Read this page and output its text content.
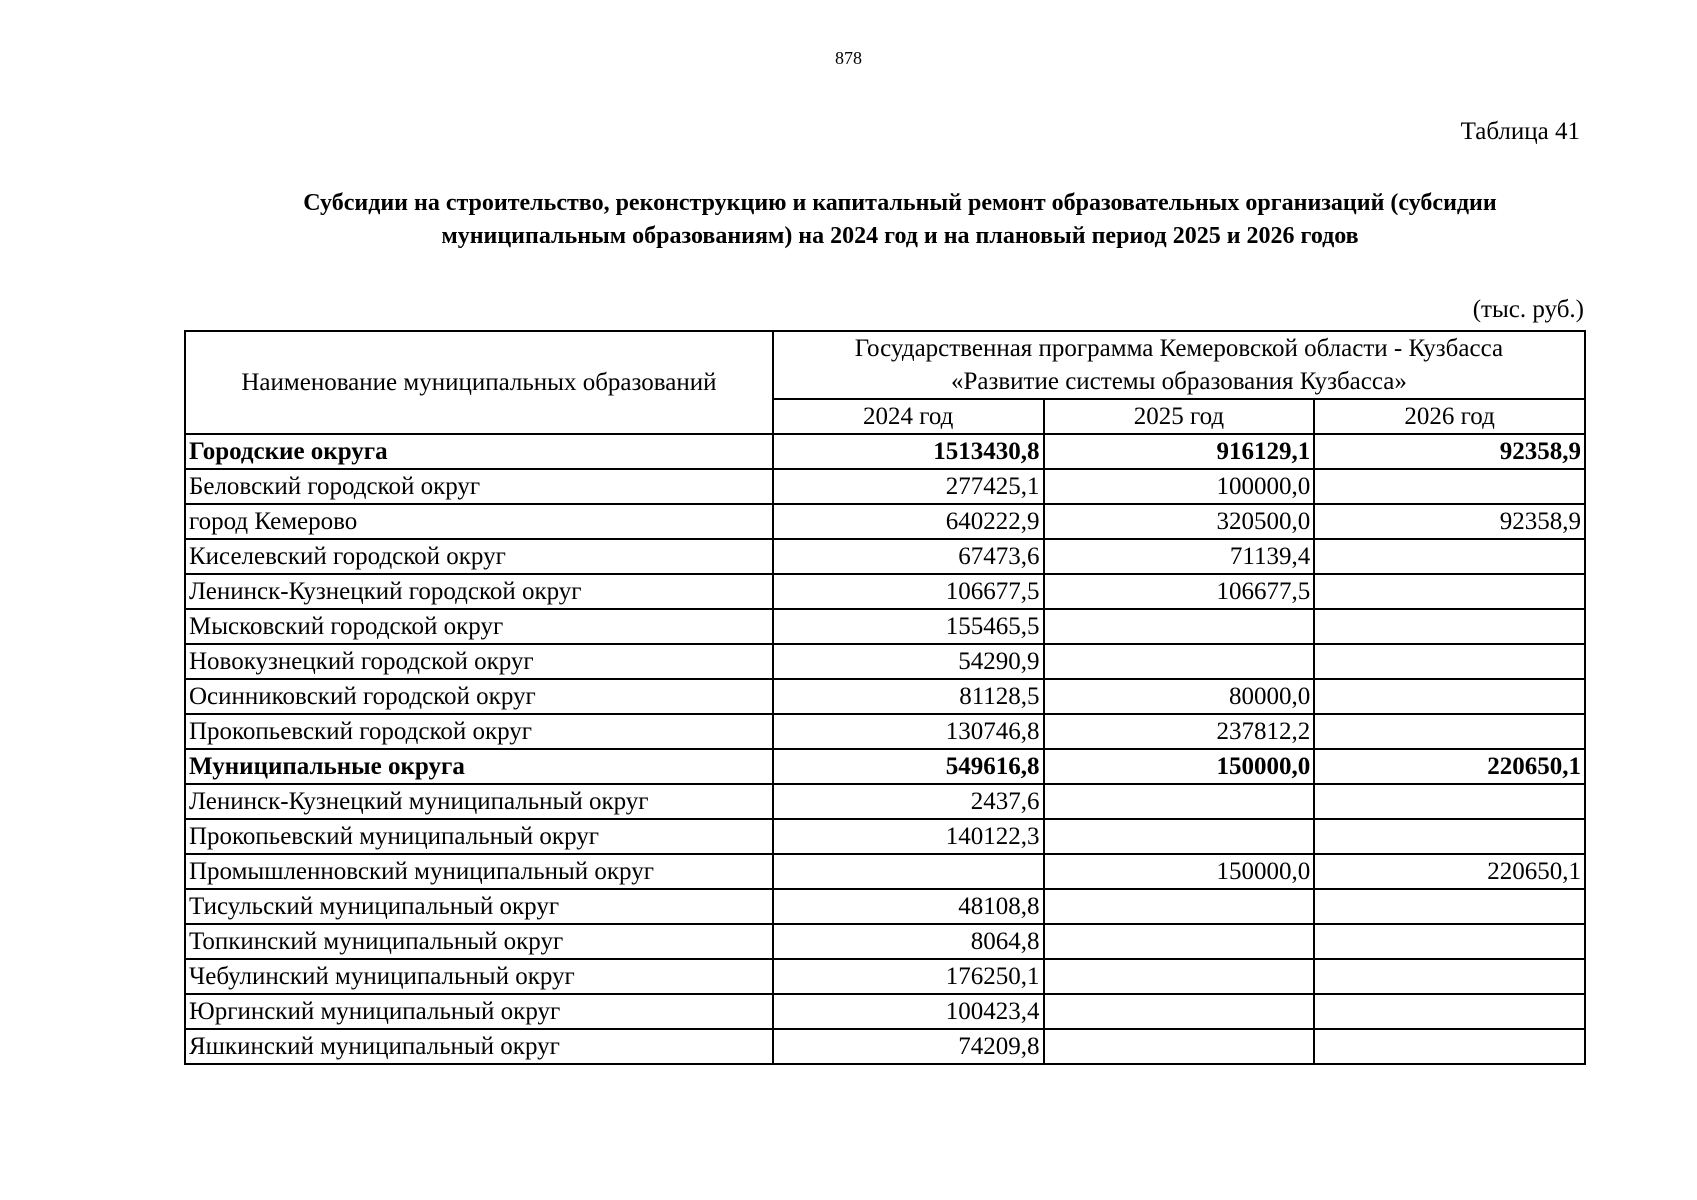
878
Таблица 41
Субсидии на строительство, реконструкцию и капитальный ремонт образовательных организаций (субсидии
муниципальным образованиям) на 2024 год и на плановый период 2025 и 2026 годов
(тыс. руб.)
Наименование муниципальных образований	Государственная программа Кемеровской области - Кузбасса
«Развитие системы образования Кузбасса»		

	2024 год	2025 год	2026 год
Городские округа	1513430,8	916129,1	92358,9
Беловский городской округ	277425,1	100000,0	
город Кемерово	640222,9	320500,0	92358,9
Киселевский городской округ	67473,6	71139,4	
Ленинск-Кузнецкий городской округ	106677,5	106677,5	
Мысковский городской округ	155465,5		
Новокузнецкий городской округ	54290,9		
Осинниковский городской округ	81128,5	80000,0	
Прокопьевский городской округ	130746,8	237812,2	
Муниципальные округа	549616,8	150000,0	220650,1
Ленинск-Кузнецкий муниципальный округ	2437,6		
Прокопьевский муниципальный округ	140122,3		
Промышленновский муниципальный округ		150000,0	220650,1
Тисульский муниципальный округ	48108,8		
Топкинский муниципальный округ	8064,8		
Чебулинский муниципальный округ	176250,1		
Юргинский муниципальный округ	100423,4		
Яшкинский муниципальный округ	74209,8		
